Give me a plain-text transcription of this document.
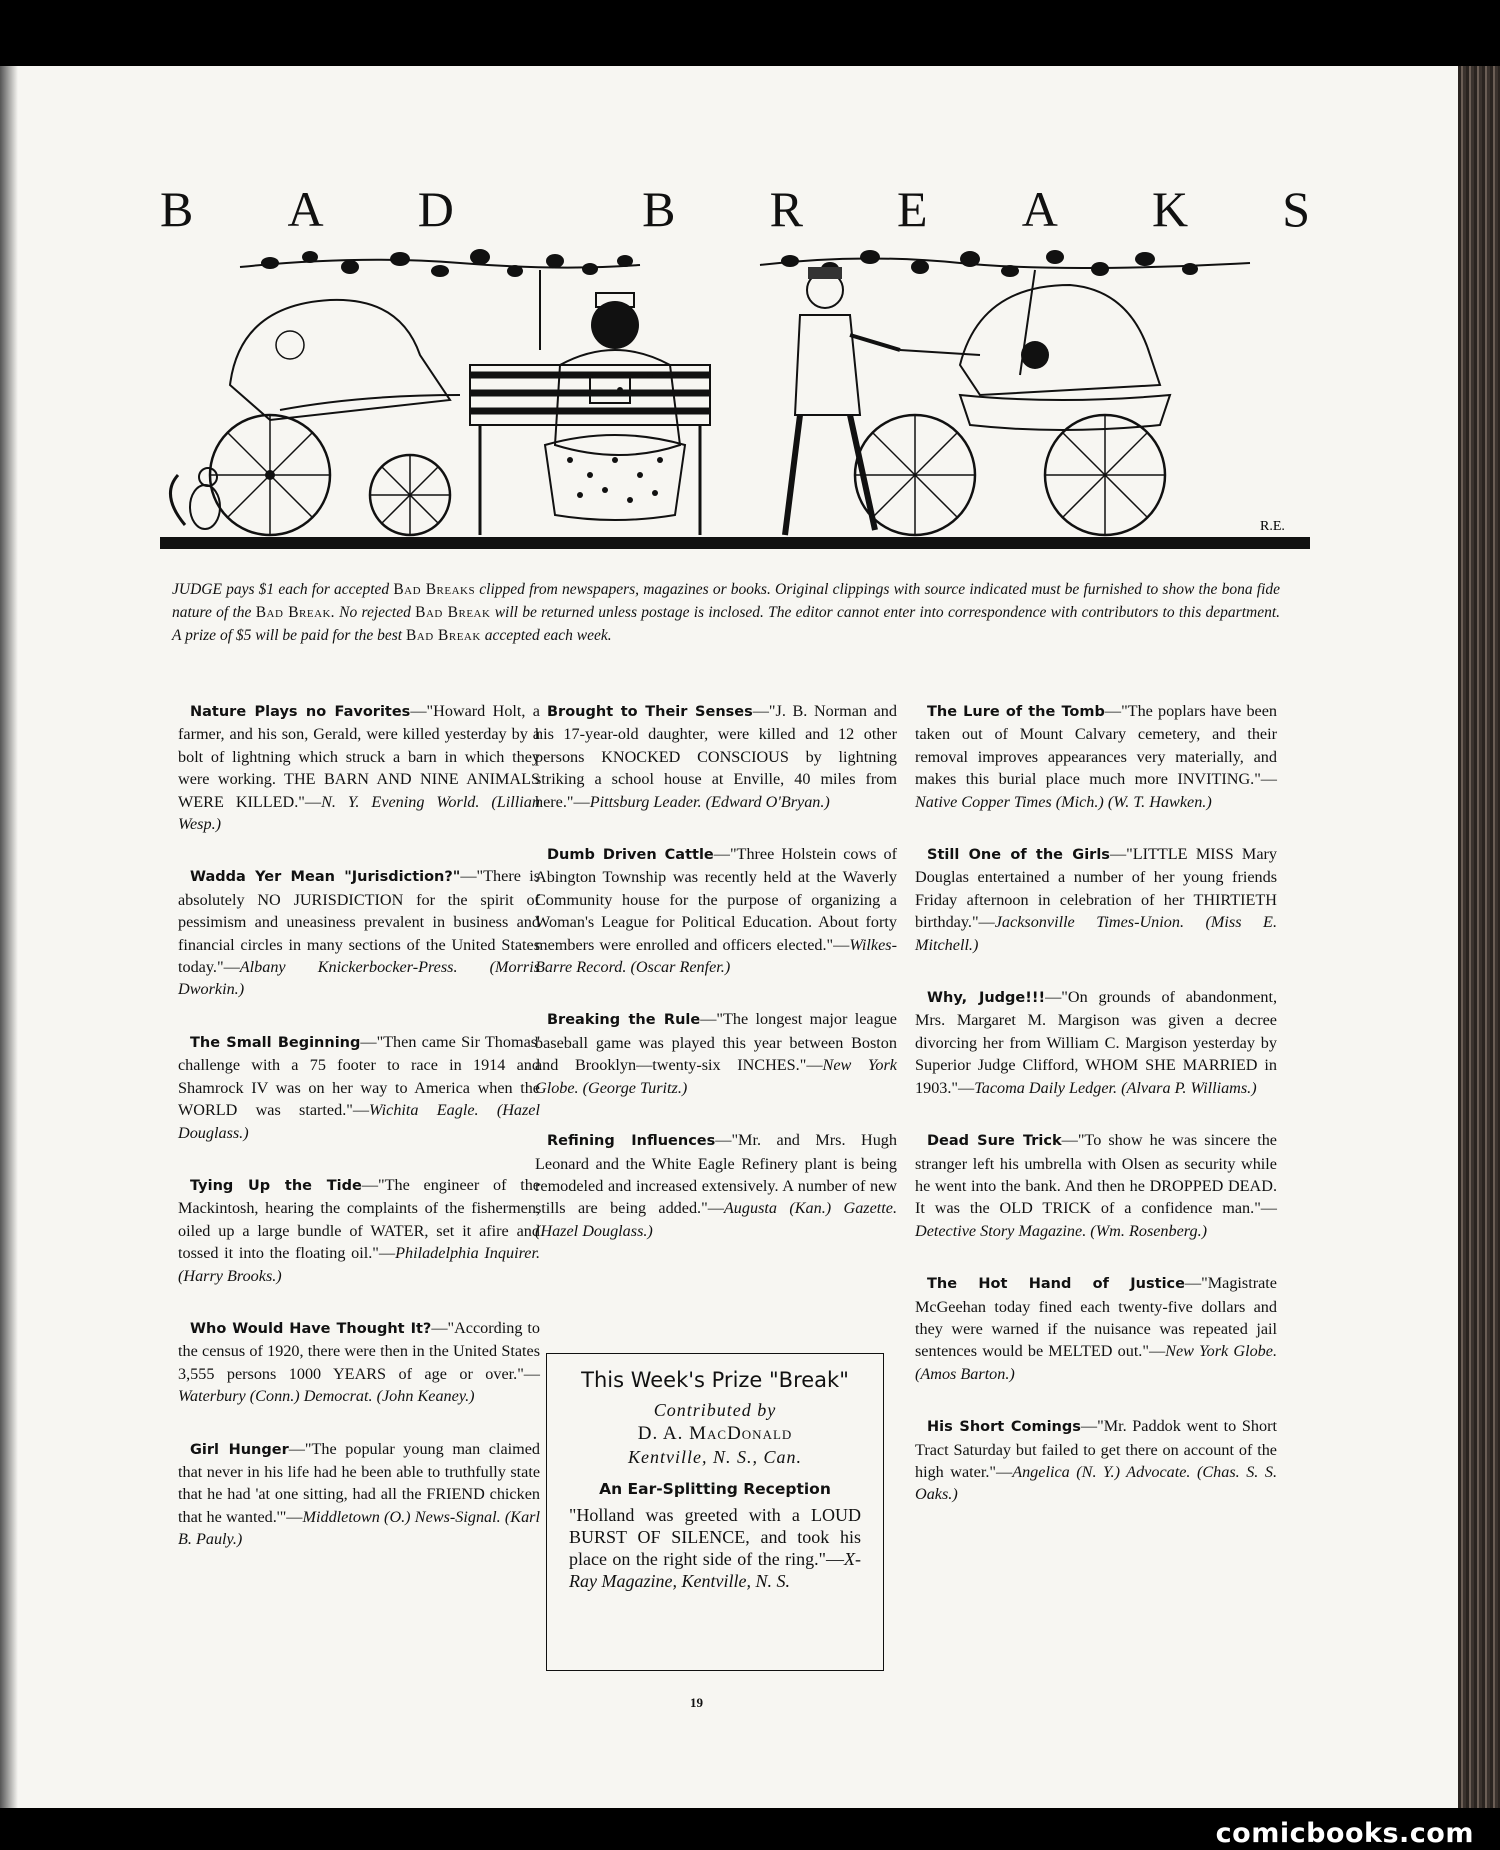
B A D	B R E A K S
R.E.
JUDGE pays $1 each for accepted Bad Breaks clipped from newspapers, magazines or books. Original clippings with source indicated must be furnished to show the bona fide nature of the Bad Break. No rejected Bad Break will be returned unless postage is inclosed. The editor cannot enter into correspondence with contributors to this department. A prize of $5 will be paid for the best Bad Break accepted each week.
Nature Plays no Favorites—"Howard Holt, a farmer, and his son, Gerald, were killed yesterday by a bolt of lightning which struck a barn in which they were working. THE BARN AND NINE ANIMALS WERE KILLED."—N. Y. Evening World. (Lillian Wesp.)
Wadda Yer Mean "Jurisdiction?"—"There is absolutely NO JURISDICTION for the spirit of pessimism and uneasiness prevalent in business and financial circles in many sections of the United States today."—Albany Knickerbocker-Press. (Morris Dworkin.)
The Small Beginning—"Then came Sir Thomas' challenge with a 75 footer to race in 1914 and Shamrock IV was on her way to America when the WORLD was started."—Wichita Eagle. (Hazel Douglass.)
Tying Up the Tide—"The engineer of the Mackintosh, hearing the complaints of the fishermen, oiled up a large bundle of WATER, set it afire and tossed it into the floating oil."—Philadelphia Inquirer. (Harry Brooks.)
Who Would Have Thought It?—"According to the census of 1920, there were then in the United States 3,555 persons 1000 YEARS of age or over."—Waterbury (Conn.) Democrat. (John Keaney.)
Girl Hunger—"The popular young man claimed that never in his life had he been able to truthfully state that he had 'at one sitting, had all the FRIEND chicken that he wanted.'"—Middletown (O.) News-Signal. (Karl B. Pauly.)
Brought to Their Senses—"J. B. Norman and his 17-year-old daughter, were killed and 12 other persons KNOCKED CONSCIOUS by lightning striking a school house at Enville, 40 miles from here."—Pittsburg Leader. (Edward O'Bryan.)
Dumb Driven Cattle—"Three Holstein cows of Abington Township was recently held at the Waverly Community house for the purpose of organizing a Woman's League for Political Education. About forty members were enrolled and officers elected."—Wilkes-Barre Record. (Oscar Renfer.)
Breaking the Rule—"The longest major league baseball game was played this year between Boston and Brooklyn—twenty-six INCHES."—New York Globe. (George Turitz.)
Refining Influences—"Mr. and Mrs. Hugh Leonard and the White Eagle Refinery plant is being remodeled and increased extensively. A number of new stills are being added."—Augusta (Kan.) Gazette. (Hazel Douglass.)
This Week's Prize "Break"
Contributed by
D. A. MacDonald
Kentville, N. S., Can.
An Ear-Splitting Reception
"Holland was greeted with a LOUD BURST OF SILENCE, and took his place on the right side of the ring."—X-Ray Magazine, Kentville, N. S.
The Lure of the Tomb—"The poplars have been taken out of Mount Calvary cemetery, and their removal improves appearances very materially, and makes this burial place much more INVITING."—Native Copper Times (Mich.) (W. T. Hawken.)
Still One of the Girls—"LITTLE MISS Mary Douglas entertained a number of her young friends Friday afternoon in celebration of her THIRTIETH birthday."—Jacksonville Times-Union. (Miss E. Mitchell.)
Why, Judge!!!—"On grounds of abandonment, Mrs. Margaret M. Margison was given a decree divorcing her from William C. Margison yesterday by Superior Judge Clifford, WHOM SHE MARRIED in 1903."—Tacoma Daily Ledger. (Alvara P. Williams.)
Dead Sure Trick—"To show he was sincere the stranger left his umbrella with Olsen as security while he went into the bank. And then he DROPPED DEAD. It was the OLD TRICK of a confidence man."—Detective Story Magazine. (Wm. Rosenberg.)
The Hot Hand of Justice—"Magistrate McGeehan today fined each twenty-five dollars and they were warned if the nuisance was repeated jail sentences would be MELTED out."—New York Globe. (Amos Barton.)
His Short Comings—"Mr. Paddok went to Short Tract Saturday but failed to get there on account of the high water."—Angelica (N. Y.) Advocate. (Chas. S. S. Oaks.)
19
comicbooks.com
